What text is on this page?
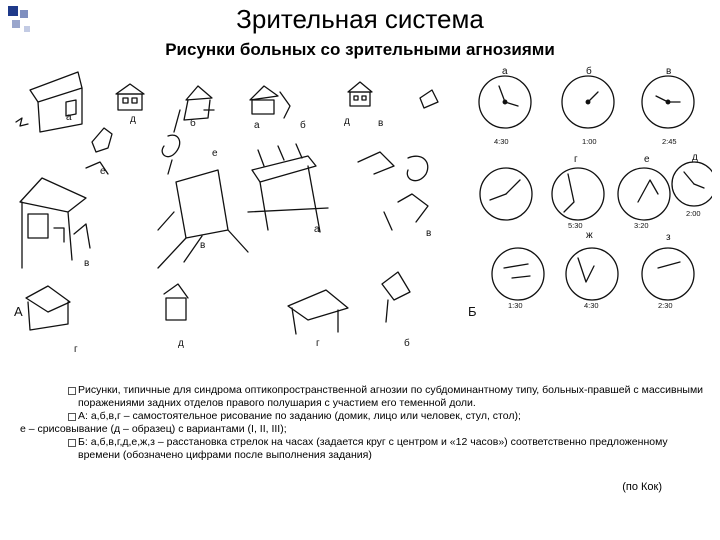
Зрительная система
Рисунки больных со зрительными агнозиями
А	Б
а	д	б	а	б	д	в
е
в
в
г
д
а	в
б
г
е
а	б	в
г	д
е
ж	з
4:30	1:00	2:45
5:30	3:20
2:00
1:30	4:30	2:30
Рисунки, типичные для синдрома оптикопространственной агнозии по субдоминантному типу, больных-правшей с массивными поражениями задних отделов правого полушария с участием его теменной доли.
А: а,б,в,г – самостоятельное рисование по заданию (домик, лицо или человек, стул, стол);
е – срисовывание (д – образец) с вариантами (I, II, III);
Б: а,б,в,г,д,е,ж,з – расстановка стрелок на часах (задается круг с центром и «12 часов») соответственно предложенному времени (обозначено цифрами после выполнения задания)
(по Кок)
